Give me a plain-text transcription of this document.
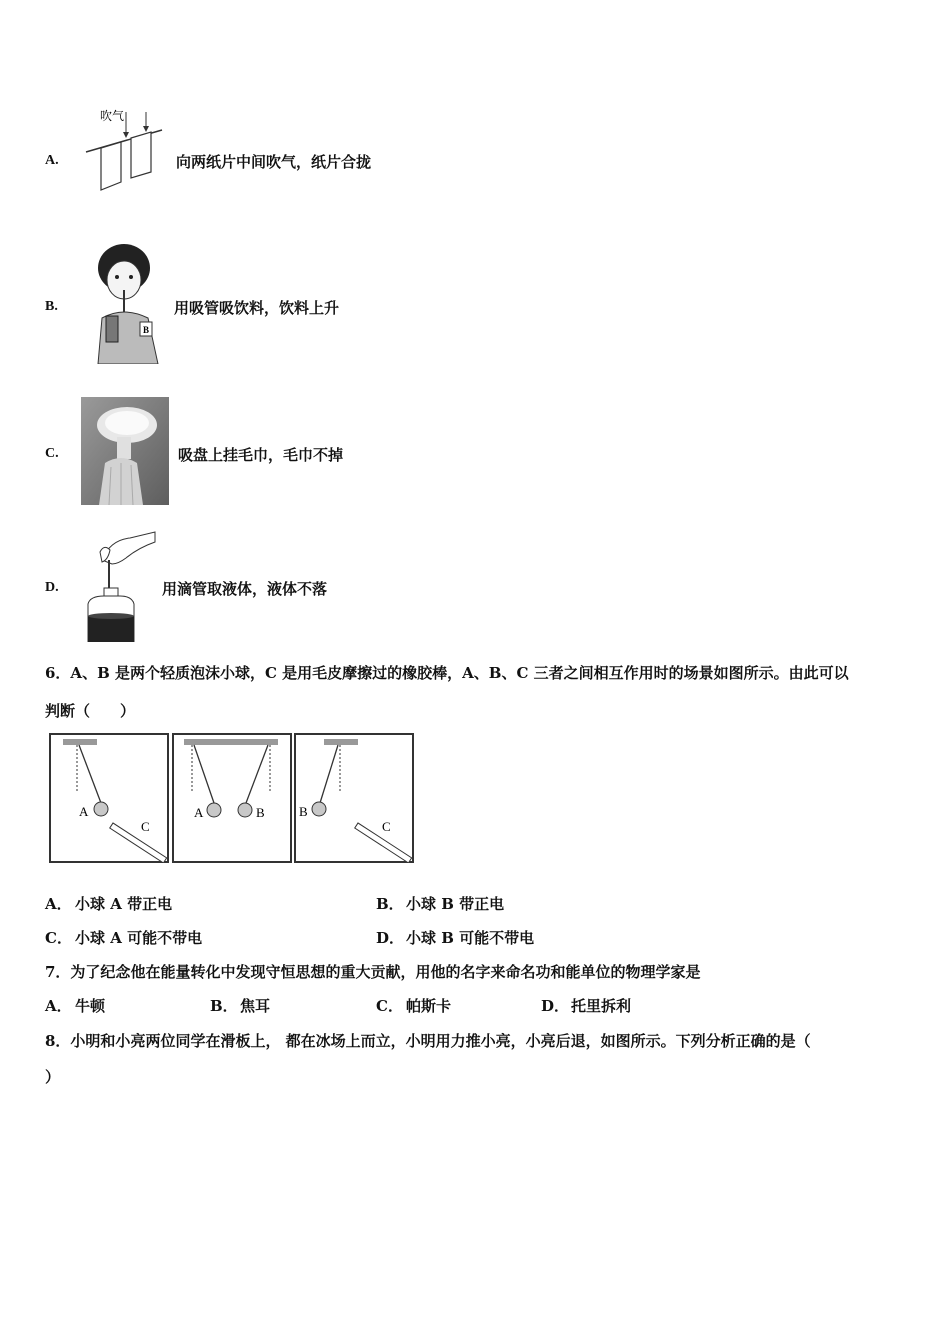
A.
吹气
向两纸片中间吹气，纸片合拢
B.
B
用吸管吸饮料，饮料上升
C.	吸盘上挂毛巾，毛巾不掉
D.	用滴管取液体，液体不落
6．A、B 是两个轻质泡沫小球，C 是用毛皮摩擦过的橡胶棒，A、B、C 三者之间相互作用时的场景如图所示。由此可以
判断（　　）
A
C
A	B	B
C
A． 小球 A 带正电	B． 小球 B 带正电
C． 小球 A 可能不带电	D． 小球 B 可能不带电
7．为了纪念他在能量转化中发现守恒思想的重大贡献，用他的名字来命名功和能单位的物理学家是
A． 牛顿	B． 焦耳	C． 帕斯卡	D． 托里拆利
8．小明和小亮两位同学在滑板上， 都在冰场上而立，小明用力推小亮，小亮后退，如图所示。下列分析正确的是（
）
